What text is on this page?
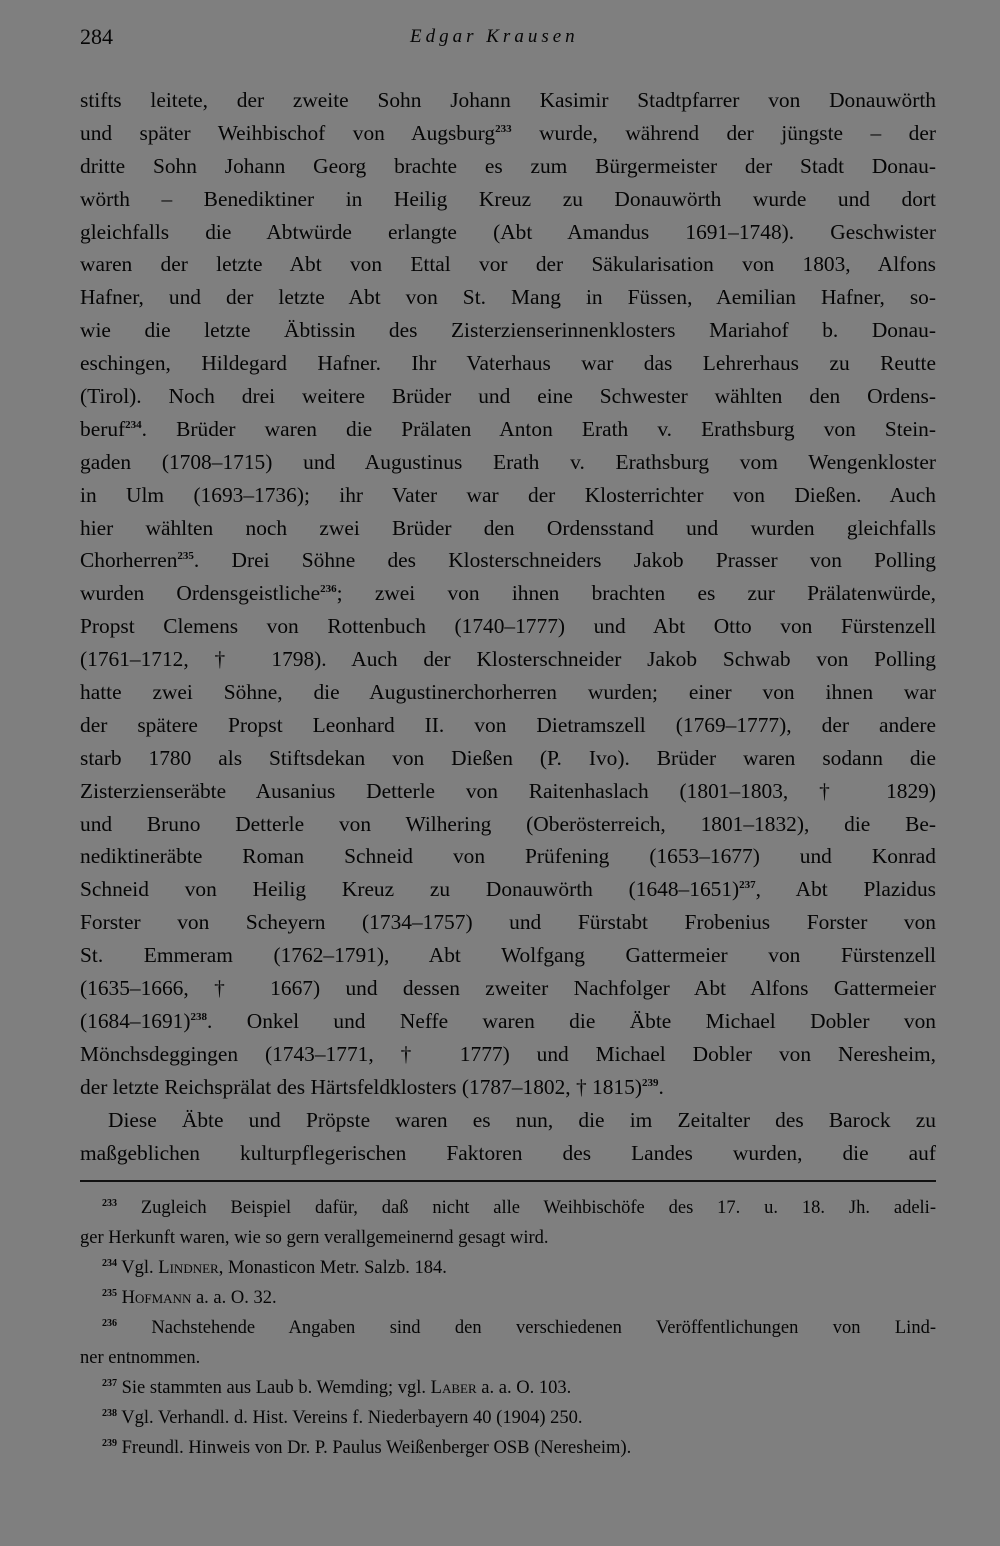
284	Edgar Krausen
stifts leitete, der zweite Sohn Johann Kasimir Stadtpfarrer von Donauwörth
und später Weihbischof von Augsburg$^{233}$ wurde, während der jüngste – der
dritte Sohn Johann Georg brachte es zum Bürgermeister der Stadt Donau-
wörth – Benediktiner in Heilig Kreuz zu Donauwörth wurde und dort
gleichfalls die Abtwürde erlangte (Abt Amandus 1691–1748). Geschwister
waren der letzte Abt von Ettal vor der Säkularisation von 1803, Alfons
Hafner, und der letzte Abt von St. Mang in Füssen, Aemilian Hafner, so-
wie die letzte Äbtissin des Zisterzienserinnenklosters Mariahof b. Donau-
eschingen, Hildegard Hafner. Ihr Vaterhaus war das Lehrerhaus zu Reutte
(Tirol). Noch drei weitere Brüder und eine Schwester wählten den Ordens-
beruf$^{234}$. Brüder waren die Prälaten Anton Erath v. Erathsburg von Stein-
gaden (1708–1715) und Augustinus Erath v. Erathsburg vom Wengenkloster
in Ulm (1693–1736); ihr Vater war der Klosterrichter von Dießen. Auch
hier wählten noch zwei Brüder den Ordensstand und wurden gleichfalls
Chorherren$^{235}$. Drei Söhne des Klosterschneiders Jakob Prasser von Polling
wurden Ordensgeistliche$^{236}$; zwei von ihnen brachten es zur Prälatenwürde,
Propst Clemens von Rottenbuch (1740–1777) und Abt Otto von Fürstenzell
(1761–1712, † 1798). Auch der Klosterschneider Jakob Schwab von Polling
hatte zwei Söhne, die Augustinerchorherren wurden; einer von ihnen war
der spätere Propst Leonhard II. von Dietramszell (1769–1777), der andere
starb 1780 als Stiftsdekan von Dießen (P. Ivo). Brüder waren sodann die
Zisterzienseräbte Ausanius Detterle von Raitenhaslach (1801–1803, † 1829)
und Bruno Detterle von Wilhering (Oberösterreich, 1801–1832), die Be-
nediktineräbte Roman Schneid von Prüfening (1653–1677) und Konrad
Schneid von Heilig Kreuz zu Donauwörth (1648–1651)$^{237}$, Abt Plazidus
Forster von Scheyern (1734–1757) und Fürstabt Frobenius Forster von
St. Emmeram (1762–1791), Abt Wolfgang Gattermeier von Fürstenzell
(1635–1666, † 1667) und dessen zweiter Nachfolger Abt Alfons Gattermeier
(1684–1691)$^{238}$. Onkel und Neffe waren die Äbte Michael Dobler von
Mönchsdeggingen (1743–1771, † 1777) und Michael Dobler von Neresheim,
der letzte Reichsprälat des Härtsfeldklosters (1787–1802, † 1815)$^{239}$.
Diese Äbte und Pröpste waren es nun, die im Zeitalter des Barock zu
maßgeblichen kulturpflegerischen Faktoren des Landes wurden, die auf
$^{233}$ Zugleich Beispiel dafür, daß nicht alle Weihbischöfe des 17. u. 18. Jh. adeli-
ger Herkunft waren, wie so gern verallgemeinernd gesagt wird.
$^{234}$ Vgl. Lindner, Monasticon Metr. Salzb. 184.
$^{235}$ Hofmann a. a. O. 32.
$^{236}$ Nachstehende Angaben sind den verschiedenen Veröffentlichungen von Lind-
ner entnommen.
$^{237}$ Sie stammten aus Laub b. Wemding; vgl. Laber a. a. O. 103.
$^{238}$ Vgl. Verhandl. d. Hist. Vereins f. Niederbayern 40 (1904) 250.
$^{239}$ Freundl. Hinweis von Dr. P. Paulus Weißenberger OSB (Neresheim).
